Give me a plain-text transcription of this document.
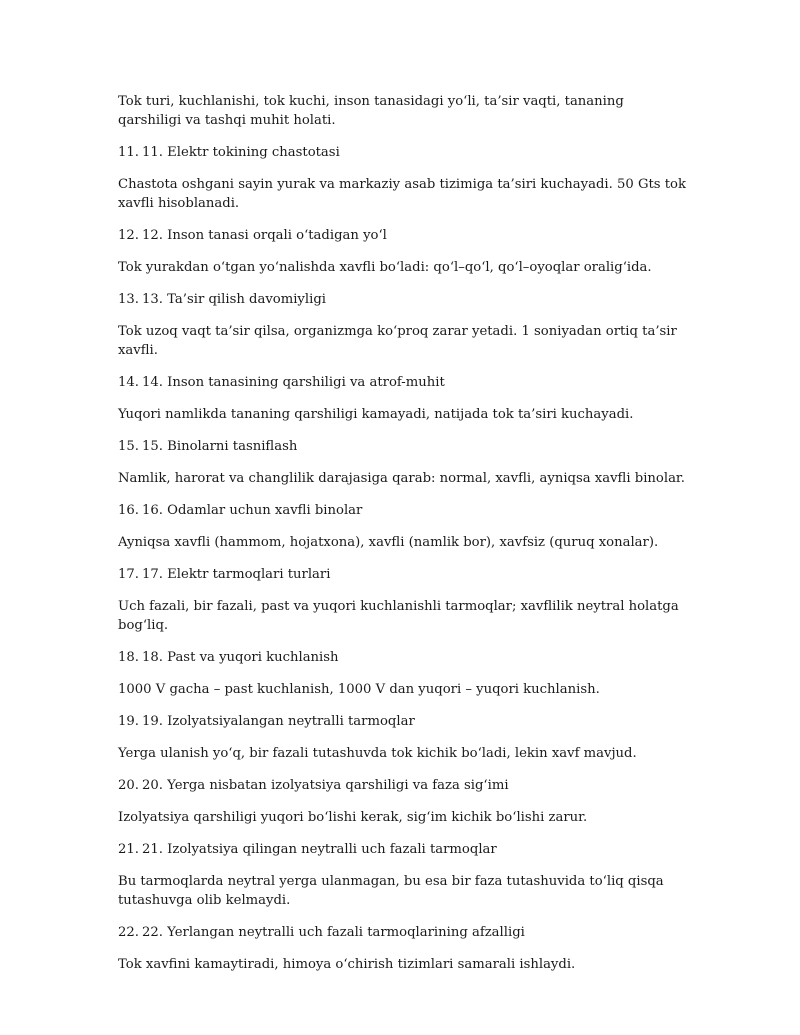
Tok turi, kuchlanishi, tok kuchi, inson tanasidagi yo‘li, ta’sir vaqti, tananing qarshiligi va tashqi muhit holati.

11. 11. Elektr tokining chastotasi

Chastota oshgani sayin yurak va markaziy asab tizimiga ta’siri kuchayadi. 50 Gts tok xavfli hisoblanadi.

12. 12. Inson tanasi orqali o‘tadigan yo‘l

Tok yurakdan o‘tgan yo‘nalishda xavfli bo‘ladi: qo‘l–qo‘l, qo‘l–oyoqlar oralig‘ida.

13. 13. Ta’sir qilish davomiyligi

Tok uzoq vaqt ta’sir qilsa, organizmga ko‘proq zarar yetadi. 1 soniyadan ortiq ta’sir xavfli.

14. 14. Inson tanasining qarshiligi va atrof-muhit

Yuqori namlikda tananing qarshiligi kamayadi, natijada tok ta’siri kuchayadi.

15. 15. Binolarni tasniflash

Namlik, harorat va changlilik darajasiga qarab: normal, xavfli, ayniqsa xavfli binolar.

16. 16. Odamlar uchun xavfli binolar

Ayniqsa xavfli (hammom, hojatxona), xavfli (namlik bor), xavfsiz (quruq xonalar).

17. 17. Elektr tarmoqlari turlari

Uch fazali, bir fazali, past va yuqori kuchlanishli tarmoqlar; xavflilik neytral holatga bog‘liq.

18. 18. Past va yuqori kuchlanish

1000 V gacha – past kuchlanish, 1000 V dan yuqori – yuqori kuchlanish.

19. 19. Izolyatsiyalangan neytralli tarmoqlar

Yerga ulanish yo‘q, bir fazali tutashuvda tok kichik bo‘ladi, lekin xavf mavjud.

20. 20. Yerga nisbatan izolyatsiya qarshiligi va faza sig‘imi

Izolyatsiya qarshiligi yuqori bo‘lishi kerak, sig‘im kichik bo‘lishi zarur.

21. 21. Izolyatsiya qilingan neytralli uch fazali tarmoqlar

Bu tarmoqlarda neytral yerga ulanmagan, bu esa bir faza tutashuvida to‘liq qisqa tutashuvga olib kelmaydi.

22. 22. Yerlangan neytralli uch fazali tarmoqlarining afzalligi

Tok xavfini kamaytiradi, himoya o‘chirish tizimlari samarali ishlaydi.
